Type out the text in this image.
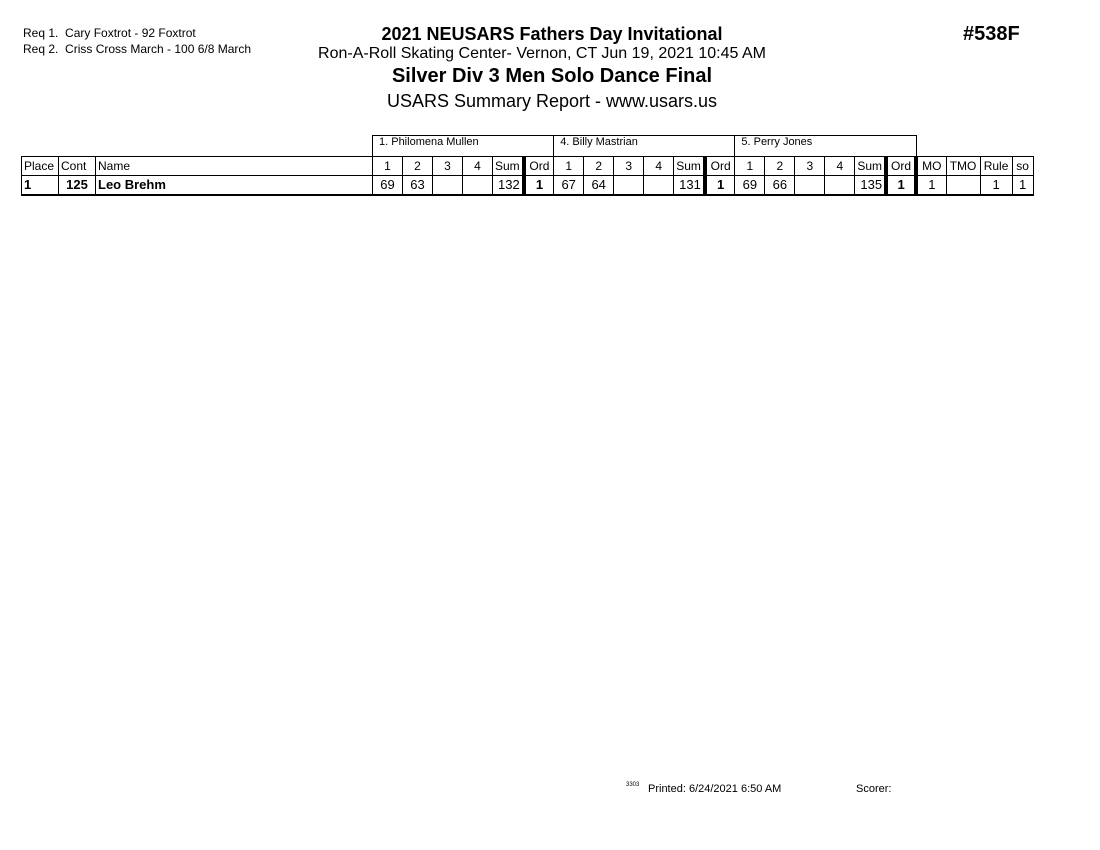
Req 1. Cary Foxtrot - 92 Foxtrot
Req 2. Criss Cross March - 100 6/8 March
2021 NEUSARS Fathers Day Invitational
Ron-A-Roll Skating Center- Vernon, CT Jun 19, 2021 10:45 AM
Silver Div 3 Men Solo Dance Final
USARS Summary Report - www.usars.us
#538F
			1. Philomena Mullen						4. Billy Mastrian						5. Perry Jones									
Place	Cont	Name	1	2	3	4	Sum	Ord	1	2	3	4	Sum	Ord	1	2	3	4	Sum	Ord	MO	TMO	Rule	so
1	125	Leo Brehm	69	63			132	1	67	64			131	1	69	66			135	1	1		1	1
3303 Printed: 6/24/2021 6:50 AM	Scorer:
